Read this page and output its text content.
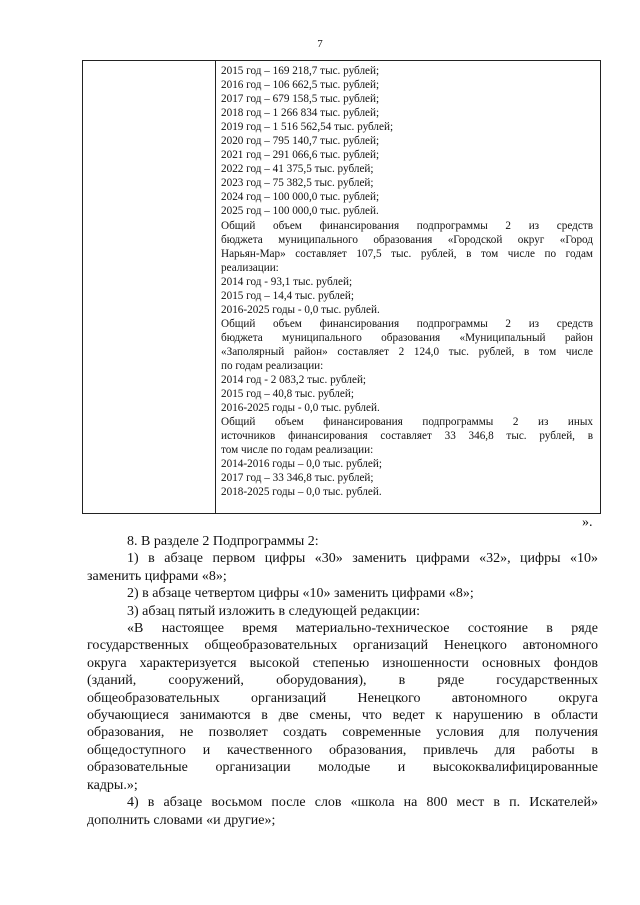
7
2015 год – 169 218,7 тыс. рублей;
2016 год – 106 662,5 тыс. рублей;
2017 год – 679 158,5 тыс. рублей;
2018 год – 1 266 834 тыс. рублей;
2019 год – 1 516 562,54 тыс. рублей;
2020 год – 795 140,7 тыс. рублей;
2021 год – 291 066,6 тыс. рублей;
2022 год – 41 375,5 тыс. рублей;
2023 год – 75 382,5 тыс. рублей;
2024 год – 100 000,0 тыс. рублей;
2025 год – 100 000,0 тыс. рублей.
Общий объем финансирования подпрограммы 2 из средств
бюджета муниципального образования «Городской округ «Город
Нарьян-Мар» составляет 107,5 тыс. рублей, в том числе по годам
реализации:
2014 год - 93,1 тыс. рублей;
2015 год – 14,4 тыс. рублей;
2016-2025 годы - 0,0 тыс. рублей.
Общий объем финансирования подпрограммы 2 из средств
бюджета муниципального образования «Муниципальный район
«Заполярный район» составляет 2 124,0 тыс. рублей, в том числе
по годам реализации:
2014 год - 2 083,2 тыс. рублей;
2015 год – 40,8 тыс. рублей;
2016-2025 годы - 0,0 тыс. рублей.
Общий объем финансирования подпрограммы 2 из иных
источников финансирования составляет 33 346,8 тыс. рублей, в
том числе по годам реализации:
2014-2016 годы – 0,0 тыс. рублей;
2017 год – 33 346,8 тыс. рублей;
2018-2025 годы – 0,0 тыс. рублей.
».
8. В разделе 2 Подпрограммы 2:
1) в абзаце первом цифры «30» заменить цифрами «32», цифры «10»
заменить цифрами «8»;
2) в абзаце четвертом цифры «10» заменить цифрами «8»;
3) абзац пятый изложить в следующей редакции:
«В настоящее время материально-техническое состояние в ряде
государственных общеобразовательных организаций Ненецкого автономного
округа характеризуется высокой степенью изношенности основных фондов
(зданий, сооружений, оборудования), в ряде государственных
общеобразовательных организаций Ненецкого автономного округа
обучающиеся занимаются в две смены, что ведет к нарушению в области
образования, не позволяет создать современные условия для получения
общедоступного и качественного образования, привлечь для работы в
образовательные организации молодые и высококвалифицированные
кадры.»;
4) в абзаце восьмом после слов «школа на 800 мест в п. Искателей»
дополнить словами «и другие»;
